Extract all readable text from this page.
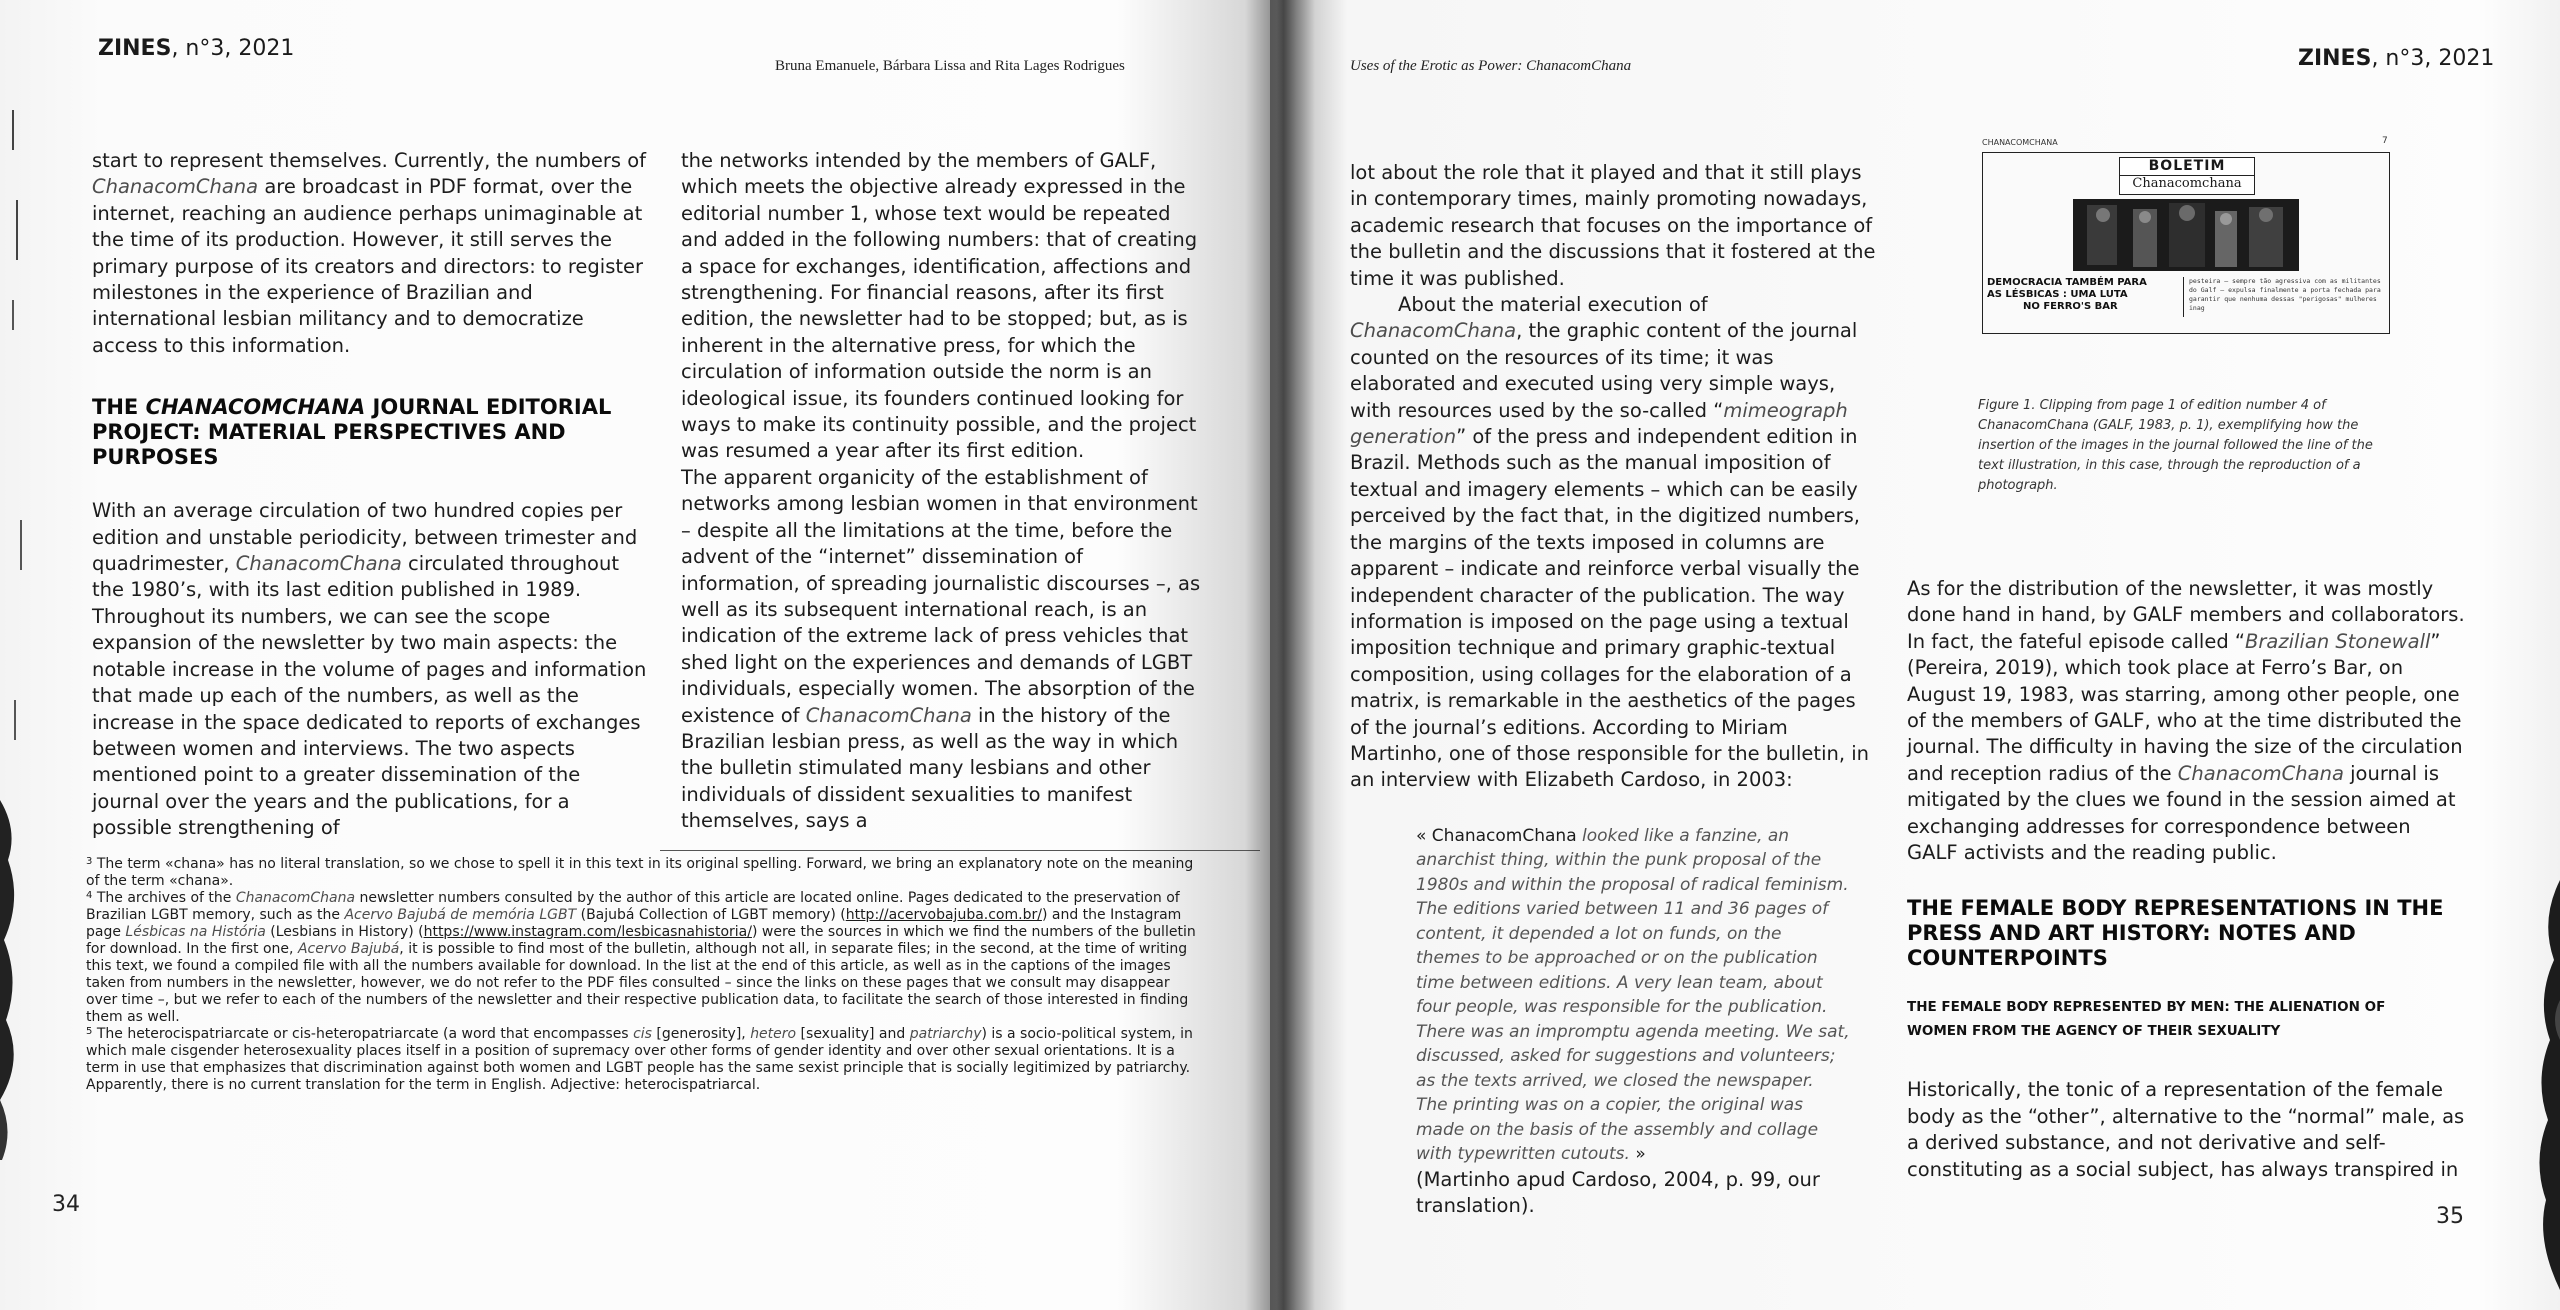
ZINES, n°3, 2021
Bruna Emanuele, Bárbara Lissa and Rita Lages Rodrigues

start to represent themselves. Currently, the numbers of ChanacomChana are broadcast in PDF format, over the internet, reaching an audience perhaps unimaginable at the time of its production. However, it still serves the primary purpose of its creators and directors: to register milestones in the experience of Brazilian and international lesbian militancy and to democratize access to this information.

THE CHANACOMCHANA JOURNAL EDITORIAL PROJECT: MATERIAL PERSPECTIVES AND PURPOSES

With an average circulation of two hundred copies per edition and unstable periodicity, between trimester and quadrimester, ChanacomChana circulated throughout the 1980’s, with its last edition published in 1989. Throughout its numbers, we can see the scope expansion of the newsletter by two main aspects: the notable increase in the volume of pages and information that made up each of the numbers, as well as the increase in the space dedicated to reports of exchanges between women and interviews. The two aspects mentioned point to a greater dissemination of the journal over the years and the publications, for a possible strengthening of

the networks intended by the members of GALF, which meets the objective already expressed in the editorial number 1, whose text would be repeated and added in the following numbers: that of creating a space for exchanges, identification, affections and strengthening. For financial reasons, after its first edition, the newsletter had to be stopped; but, as is inherent in the alternative press, for which the circulation of information outside the norm is an ideological issue, its founders continued looking for ways to make its continuity possible, and the project was resumed a year after its first edition.

The apparent organicity of the establishment of networks among lesbian women in that environment – despite all the limitations at the time, before the advent of the “internet” dissemination of information, of spreading journalistic discourses –, as well as its subsequent international reach, is an indication of the extreme lack of press vehicles that shed light on the experiences and demands of LGBT individuals, especially women. The absorption of the existence of ChanacomChana in the history of the Brazilian lesbian press, as well as the way in which the bulletin stimulated many lesbians and other individuals of dissident sexualities to manifest themselves, says a

$^3$ The term «chana» has no literal translation, so we chose to spell it in this text in its original spelling. Forward, we bring an explanatory note on the meaning of the term «chana».

$^4$ The archives of the ChanacomChana newsletter numbers consulted by the author of this article are located online. Pages dedicated to the preservation of Brazilian LGBT memory, such as the Acervo Bajubá de memória LGBT (Bajubá Collection of LGBT memory) (http://acervobajuba.com.br/) and the Instagram page Lésbicas na História (Lesbians in History) (https://www.instagram.com/lesbicasnahistoria/) were the sources in which we find the numbers of the bulletin for download. In the first one, Acervo Bajubá, it is possible to find most of the bulletin, although not all, in separate files; in the second, at the time of writing this text, we found a compiled file with all the numbers available for download. In the list at the end of this article, as well as in the captions of the images taken from numbers in the newsletter, however, we do not refer to the PDF files consulted – since the links on these pages that we consult may disappear over time –, but we refer to each of the numbers of the newsletter and their respective publication data, to facilitate the search of those interested in finding them as well.

$^5$ The heterocispatriarcate or cis-heteropatriarcate (a word that encompasses cis [generosity], hetero [sexuality] and patriarchy) is a socio-political system, in which male cisgender heterosexuality places itself in a position of supremacy over other forms of gender identity and over other sexual orientations. It is a term in use that emphasizes that discrimination against both women and LGBT people has the same sexist principle that is socially legitimized by patriarchy. Apparently, there is no current translation for the term in English. Adjective: heterocispatriarcal.

34
Uses of the Erotic as Power: ChanacomChana	ZINES, n°3, 2021

lot about the role that it played and that it still plays in contemporary times, mainly promoting nowadays, academic research that focuses on the importance of the bulletin and the discussions that it fostered at the time it was published.

About the material execution of ChanacomChana, the graphic content of the journal counted on the resources of its time; it was elaborated and executed using very simple ways, with resources used by the so-called “mimeograph generation” of the press and independent edition in Brazil. Methods such as the manual imposition of textual and imagery elements – which can be easily perceived by the fact that, in the digitized numbers, the margins of the texts imposed in columns are apparent – indicate and reinforce verbal visually the independent character of the publication. The way information is imposed on the page using a textual imposition technique and primary graphic-textual composition, using collages for the elaboration of a matrix, is remarkable in the aesthetics of the pages of the journal’s editions. According to Miriam Martinho, one of those responsible for the bulletin, in an interview with Elizabeth Cardoso, in 2003:

« ChanacomChana looked like a fanzine, an anarchist thing, within the punk proposal of the 1980s and within the proposal of radical feminism. The editions varied between 11 and 36 pages of content, it depended a lot on funds, on the themes to be approached or on the publication time between editions. A very lean team, about four people, was responsible for the publication. There was an impromptu agenda meeting. We sat, discussed, asked for suggestions and volunteers; as the texts arrived, we closed the newspaper. The printing was on a copier, the original was made on the basis of the assembly and collage with typewritten cutouts. »
(Martinho apud Cardoso, 2004, p. 99, our translation).
CHANACOMCHANA	7
BOLETIM
Chanacomchana
DEMOCRACIA TAMBÉM PARA
AS LÉSBICAS : UMA LUTA
NO FERRO'S BAR
pesteira — sempre tão agressiva com as militantes do Galf — expulsa finalmente a porta fechada para garantir que nenhuma dessas "perigosas" mulheres inag
Figure 1. Clipping from page 1 of edition number 4 of ChanacomChana (GALF, 1983, p. 1), exemplifying how the insertion of the images in the journal followed the line of the text illustration, in this case, through the reproduction of a photograph.

As for the distribution of the newsletter, it was mostly done hand in hand, by GALF members and collaborators. In fact, the fateful episode called “Brazilian Stonewall” (Pereira, 2019), which took place at Ferro’s Bar, on August 19, 1983, was starring, among other people, one of the members of GALF, who at the time distributed the journal. The difficulty in having the size of the circulation and reception radius of the ChanacomChana journal is mitigated by the clues we found in the session aimed at exchanging addresses for correspondence between GALF activists and the reading public.

THE FEMALE BODY REPRESENTATIONS IN THE PRESS AND ART HISTORY: NOTES AND COUNTERPOINTS
THE FEMALE BODY REPRESENTED BY MEN: THE ALIENATION OF WOMEN FROM THE AGENCY OF THEIR SEXUALITY

Historically, the tonic of a representation of the female body as the “other”, alternative to the “normal” male, as a derived substance, and not derivative and self-constituting as a social subject, has always transpired in

35
